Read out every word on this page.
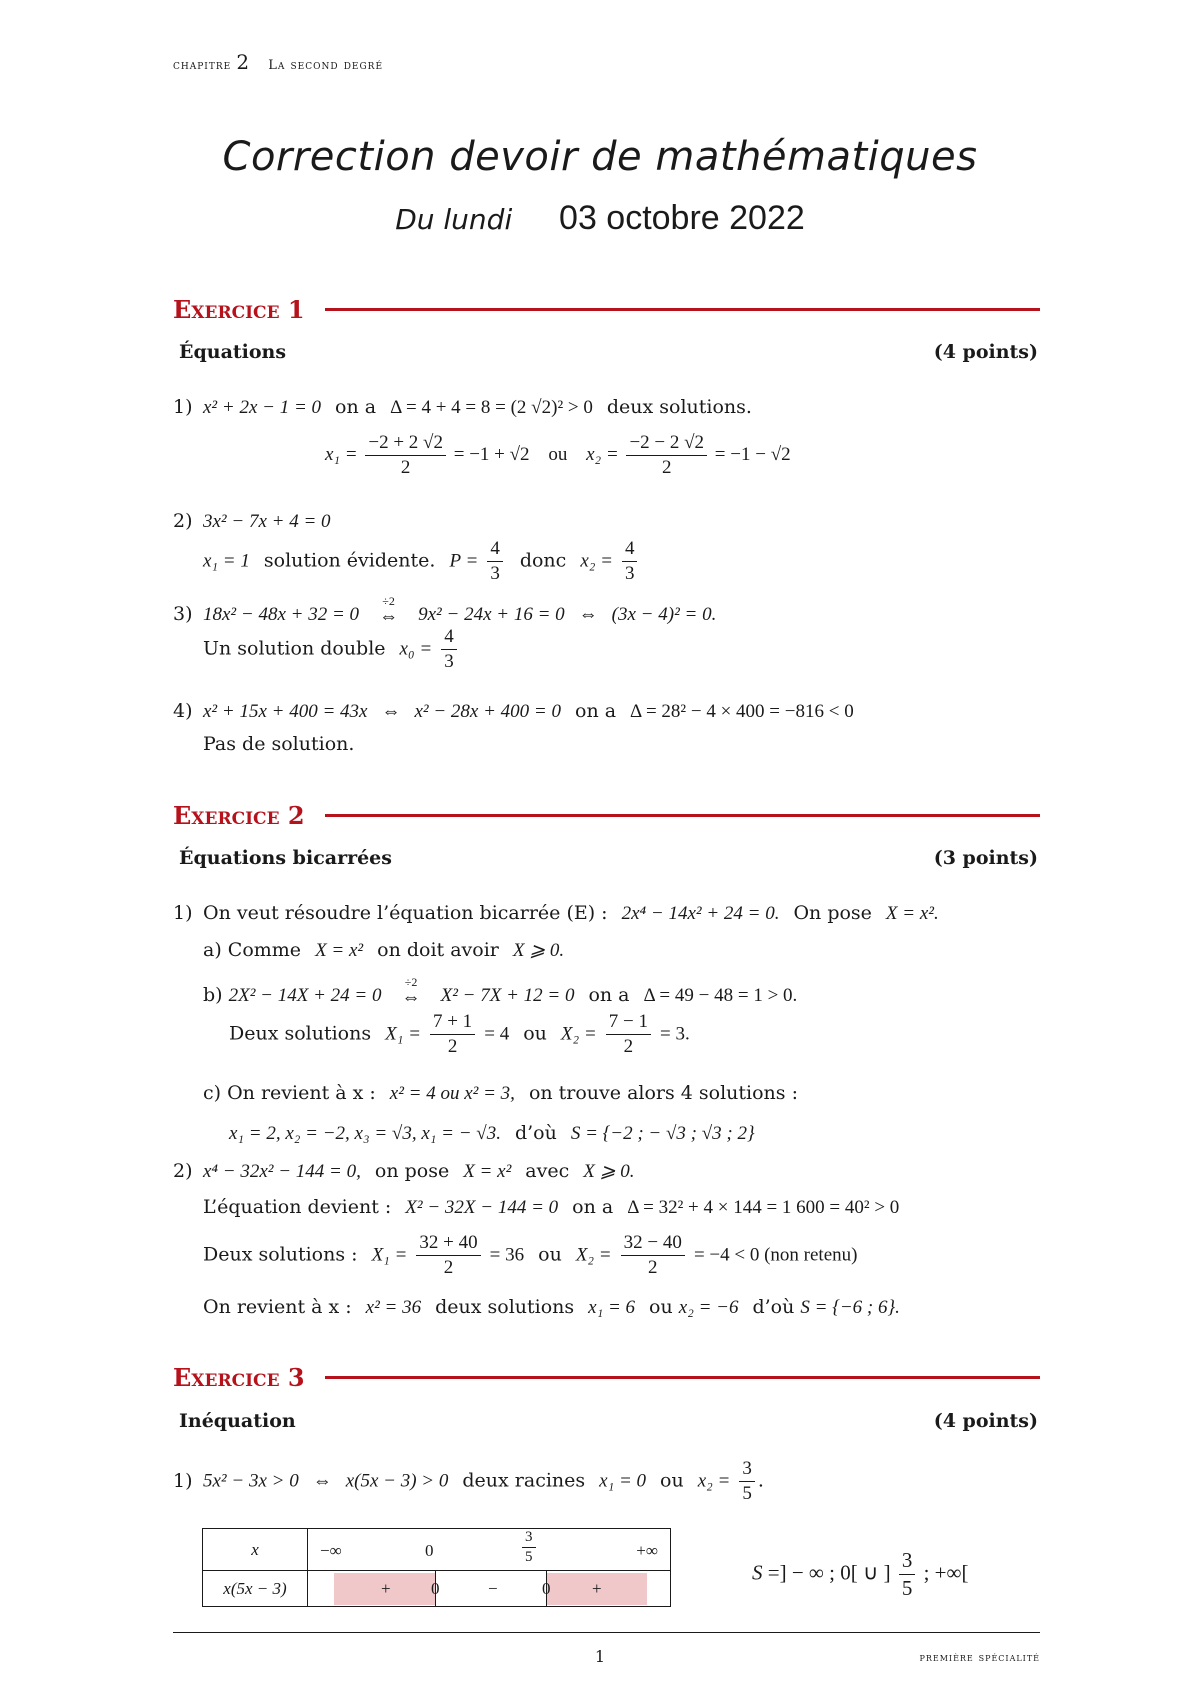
chapitre 2 La second degré
Correction devoir de mathématiques
Du lundi 03 octobre 2022
Exercice 1
Équations	(4 points)
1) x² + 2x − 1 = 0 on a Δ = 4 + 4 = 8 = (2 √2)² > 0 deux solutions.
$x_1 = \frac{-2 + 2 √2}{2} = -1 + √2$ ou $x_2 = \frac{-2 - 2 √2}{2} = -1 - √2$
2) 3x² − 7x + 4 = 0
x₁ = 1 solution évidente. $P = \frac{4}{3}$ donc $x_2 = \frac{4}{3}$
3) 18x² − 48x + 32 = 0
÷2
⇔ 9x² − 24x + 16 = 0 ⇔ (3x − 4)² = 0.
Un solution double $x_0 = \frac{4}{3}$
4) x² + 15x + 400 = 43x ⇔ x² − 28x + 400 = 0 on a Δ = 28² − 4 × 400 = −816 < 0
Pas de solution.
Exercice 2
Équations bicarrées	(3 points)
1) On veut résoudre l’équation bicarrée (E) : 2x⁴ − 14x² + 24 = 0. On pose X = x².
a) Comme X = x² on doit avoir X ⩾ 0.
b) 2X² − 14X + 24 = 0
÷2
⇔ X² − 7X + 12 = 0 on a Δ = 49 − 48 = 1 > 0.
Deux solutions $X_1 = \frac{7 + 1}{2} = 4$ ou $X_2 = \frac{7 - 1}{2} = 3$.
c) On revient à x : x² = 4 ou x² = 3, on trouve alors 4 solutions :
x₁ = 2, x₂ = −2, x₃ = √3, x₁ = − √3. d’où S = {−2 ; − √3 ; √3 ; 2}
2) x⁴ − 32x² − 144 = 0, on pose X = x² avec X ⩾ 0.
L’équation devient : X² − 32X − 144 = 0 on a Δ = 32² + 4 × 144 = 1 600 = 40² > 0
Deux solutions : $X_1 = \frac{32 + 40}{2} = 36$ ou $X_2 = \frac{32 - 40}{2} = -4 < 0$ (non retenu)
On revient à x : x² = 36 deux solutions x₁ = 6 ou x₂ = −6 d’où S = {−6 ; 6}.
Exercice 3
Inéquation	(4 points)
1) 5x² − 3x > 0 ⇔ x(5x − 3) > 0 deux racines x₁ = 0 ou $x_2 = \frac{3}{5}$ .
x	−∞ $0 \frac{3}{5}$ +∞

x(5x − 3)	+ 0 − 0 +
S =] − ∞ ; 0[ ∪ ] $\frac{3}{5}$ ; +∞[
1	première spécialité
